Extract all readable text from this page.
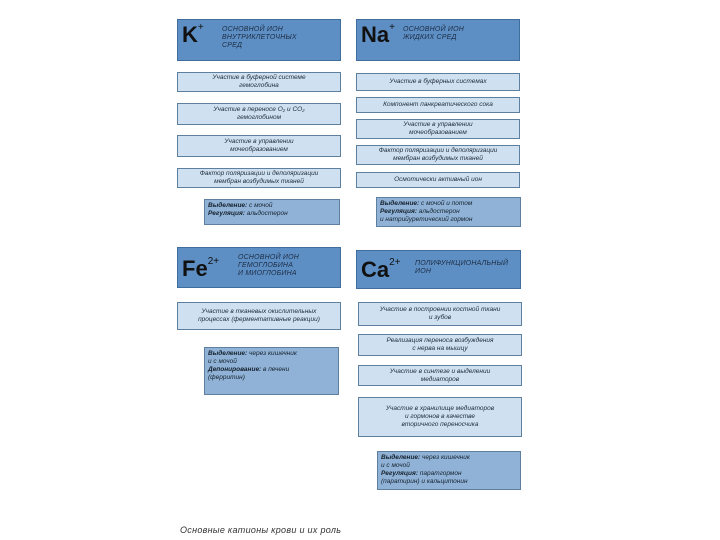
K+	ОСНОВНОЙ ИОН
ВНУТРИКЛЕТОЧНЫХ
СРЕД
Участие в буферной системе
гемоглобина
Участие в переносе О₂ и СО₂
гемоглобином
Участие в управлении
мочеобразованием
Фактор поляризации и деполяризации
мембран возбудимых тканей
Выделение: с мочой
Регуляция: альдостерон
Na+ ОСНОВНОЙ ИОН
ЖИДКИХ СРЕД
Участие в буферных системах
Компонент панкреатического сока
Участие в управлении
мочеобразованием
Фактор поляризации и деполяризации
мембран возбудимых тканей
Осмотически активный ион
Выделение: с мочой и потом
Регуляция: альдостерон
и натрийуретический гормон
$Fe^{2+}$	ОСНОВНОЙ ИОН
ГЕМОГЛОБИНА
И МИОГЛОБИНА
Участие в тканевых окислительных
процессах (ферментативные реакции)
Выделение: через кишечник
и с мочой
Депонирование: в печени
(ферритин)
$Ca^{2+}$ ПОЛИФУНКЦИОНАЛЬНЫЙ
ИОН
Участие в построении костной ткани
и зубов
Реализация переноса возбуждения
с нерва на мышцу
Участие в синтезе и выделении
медиаторов
Участие в хранилище медиаторов
и гормонов в качестве
вторичного переносчика
Выделение: через кишечник
и с мочой
Регуляция: паратгормон
(паратирин) и кальцитонин
Основные катионы крови и их роль
